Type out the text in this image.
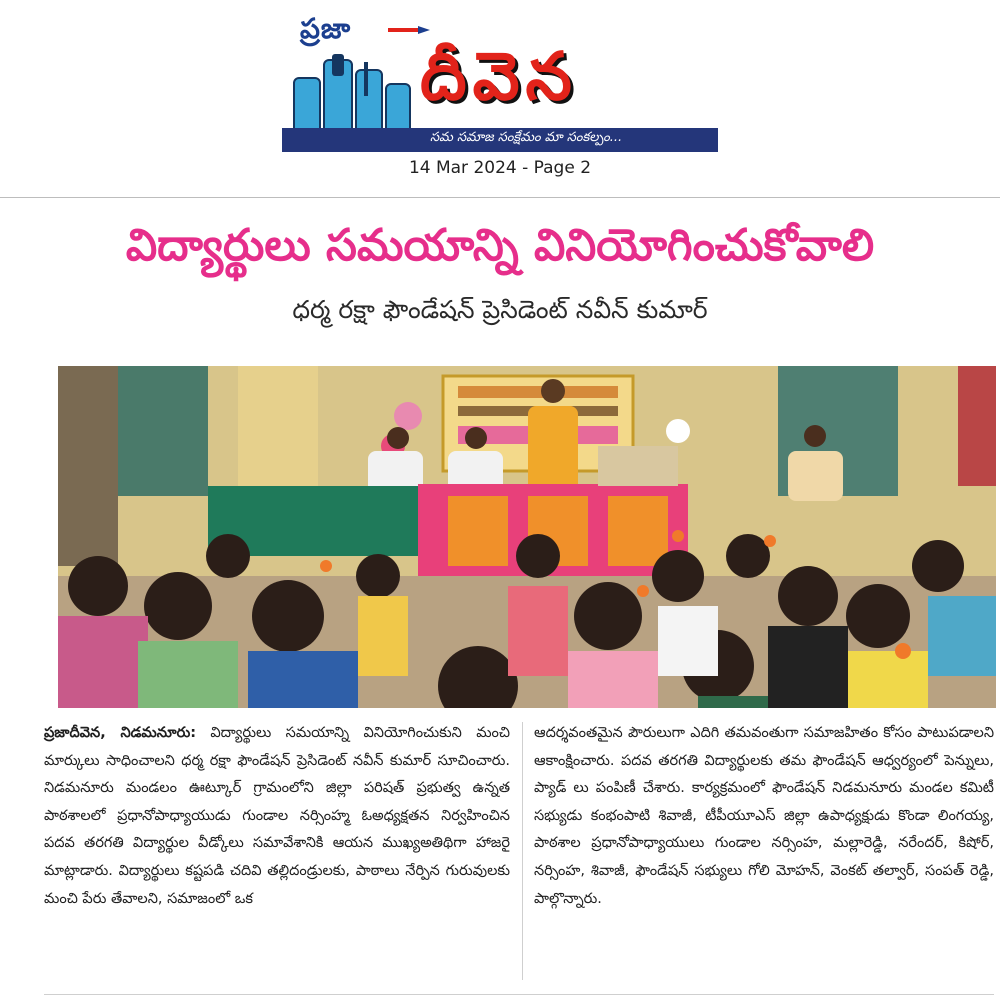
ప్రజా
దీవెన
సమ సమాజ సంక్షేమం మా సంకల్పం...
14 Mar 2024 - Page 2
విద్యార్థులు సమయాన్ని వినియోగించుకోవాలి
ధర్మ రక్షా ఫౌండేషన్ ప్రెసిడెంట్ నవీన్ కుమార్
ప్రజాదీవెన, నిడమనూరు: విద్యార్థులు సమయాన్ని వినియోగించుకుని మంచి మార్కులు సాధించాలని ధర్మ రక్షా ఫౌండేషన్ ప్రెసిడెంట్ నవీన్ కుమార్ సూచించారు. నిడమనూరు మండలం ఊట్కూర్ గ్రామంలోని జిల్లా పరిషత్ ప్రభుత్వ ఉన్నత పాఠశాలలో ప్రధానోపాధ్యాయుడు గుండాల నర్సింహ్మ ఓఅధ్యక్షతన నిర్వహించిన పదవ తరగతి విద్యార్థుల వీడ్కోలు సమావేశానికి ఆయన ముఖ్యఅతిథిగా హాజరై మాట్లాడారు. విద్యార్థులు కష్టపడి చదివి తల్లిదండ్రులకు, పాఠాలు నేర్పిన గురువులకు మంచి పేరు తేవాలని, సమాజంలో ఒక
ఆదర్శవంతమైన పౌరులుగా ఎదిగి తమవంతుగా సమాజహితం కోసం పాటుపడాలని ఆకాంక్షించారు. పదవ తరగతి విద్యార్థులకు తమ ఫౌండేషన్ ఆధ్వర్యంలో పెన్నులు, ప్యాడ్ లు పంపిణీ చేశారు. కార్యక్రమంలో ఫౌండేషన్ నిడమనూరు మండల కమిటీ సభ్యుడు కంభంపాటి శివాజీ, టీపీయూఎస్ జిల్లా ఉపాధ్యక్షుడు కొండా లింగయ్య, పాఠశాల ప్రధానోపాధ్యాయులు గుండాల నర్సింహ, మల్లారెడ్డి, నరేందర్, కిషోర్, నర్సింహ, శివాజీ, ఫౌండేషన్ సభ్యులు గోలి మోహన్, వెంకట్ తల్వార్, సంపత్ రెడ్డి, పాల్గొన్నారు.
